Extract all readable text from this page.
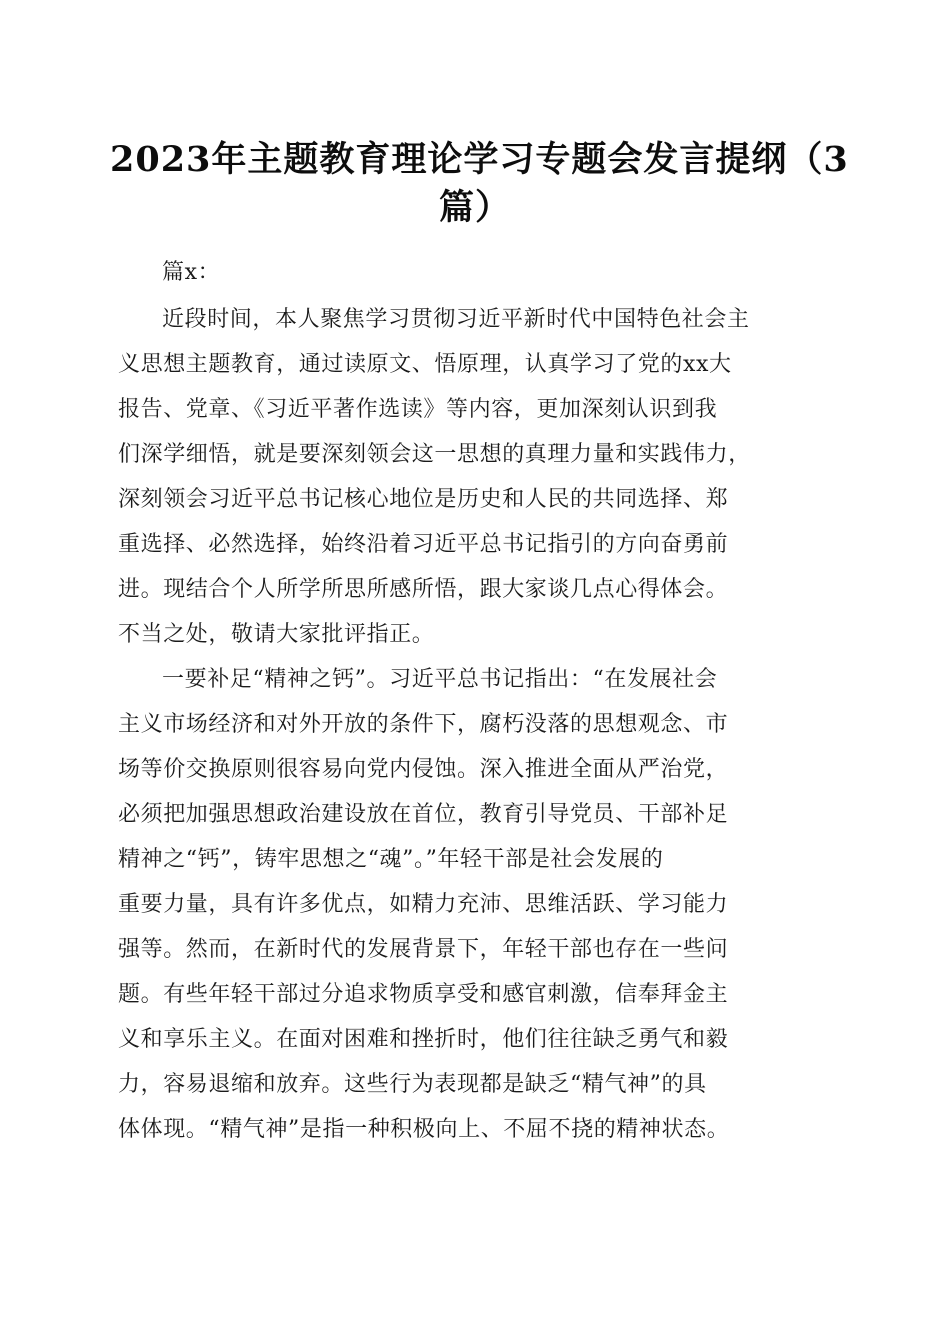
2023年主题教育理论学习专题会发言提纲（3
篇）

篇x：

近段时间，本人聚焦学习贯彻习近平新时代中国特色社会主
义思想主题教育，通过读原文、悟原理，认真学习了党的xx大
报告、党章、《习近平著作选读》等内容，更加深刻认识到我
们深学细悟，就是要深刻领会这一思想的真理力量和实践伟力，
深刻领会习近平总书记核心地位是历史和人民的共同选择、郑
重选择、必然选择，始终沿着习近平总书记指引的方向奋勇前
进。现结合个人所学所思所感所悟，跟大家谈几点心得体会。
不当之处，敬请大家批评指正。

一要补足“精神之钙”。习近平总书记指出：“在发展社会
主义市场经济和对外开放的条件下，腐朽没落的思想观念、市
场等价交换原则很容易向党内侵蚀。深入推进全面从严治党，
必须把加强思想政治建设放在首位，教育引导党员、干部补足
精神之“钙”，铸牢思想之“魂”。”年轻干部是社会发展的
重要力量，具有许多优点，如精力充沛、思维活跃、学习能力
强等。然而，在新时代的发展背景下，年轻干部也存在一些问
题。有些年轻干部过分追求物质享受和感官刺激，信奉拜金主
义和享乐主义。在面对困难和挫折时，他们往往缺乏勇气和毅
力，容易退缩和放弃。这些行为表现都是缺乏“精气神”的具
体体现。“精气神”是指一种积极向上、不屈不挠的精神状态。
